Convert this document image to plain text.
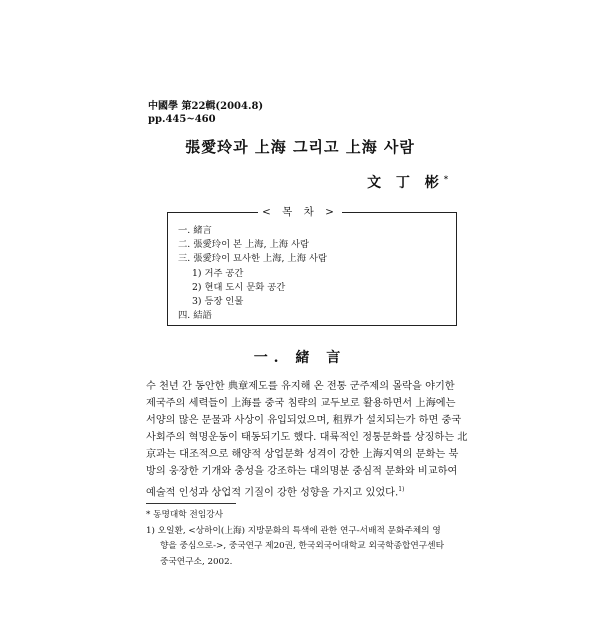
中國學 第22輯(2004.8)
pp.445~460
張愛玲과 上海 그리고 上海 사람
文 丁 彬*
< 목 차 >
一. 緒言
二. 張愛玲이 본 上海, 上海 사람
三. 張愛玲이 묘사한 上海, 上海 사람
1) 거주 공간
2) 현대 도시 문화 공간
3) 등장 인물
四. 結語
一. 緒 言
수 천년 간 동안한 典章제도를 유지해 온 전통 군주제의 몰락을 야기한
제국주의 세력들이 上海를 중국 침략의 교두보로 활용하면서 上海에는
서양의 많은 문물과 사상이 유입되었으며, 租界가 설치되는가 하면 중국
사회주의 혁명운동이 태동되기도 했다. 대륙적인 정통문화를 상징하는 北
京과는 대조적으로 해양적 상업문화 성격이 강한 上海지역의 문화는 북
방의 웅장한 기개와 충성을 강조하는 대의명분 중심적 문화와 비교하여
예술적 인성과 상업적 기질이 강한 성향을 가지고 있었다.$^{1)}$
* 동명대학 전임강사
1) 오일환, <상하이(上海) 지방문화의 특색에 관한 연구-서배적 문화주체의 영
향을 중심으로->, 중국연구 제20권, 한국외국어대학교 외국학종합연구센타
중국연구소, 2002.
